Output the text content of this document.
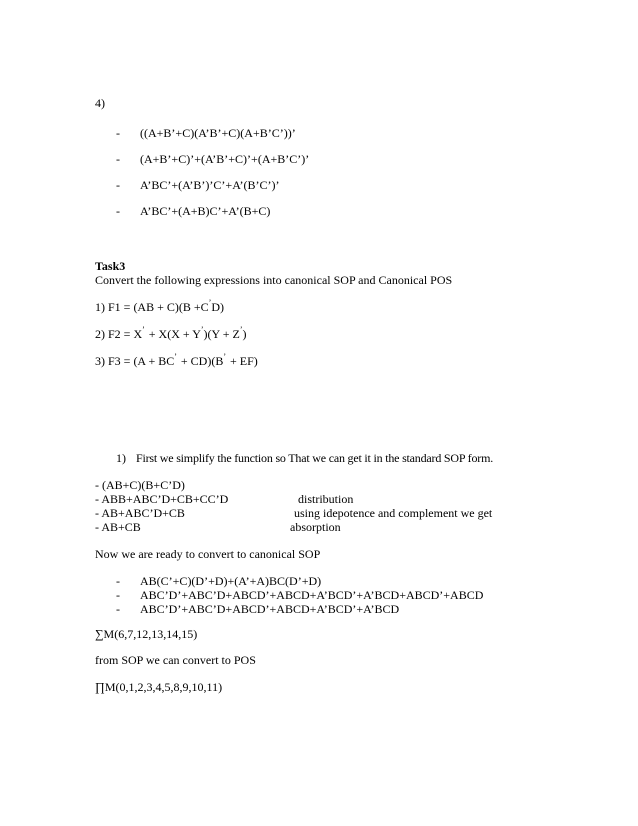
4)
- ((A+B’+C)(A’B’+C)(A+B’C’))’
- (A+B’+C)’+(A’B’+C)’+(A+B’C’)’
- A’BC’+(A’B’)’C’+A’(B’C’)’
- A’BC’+(A+B)C’+A’(B+C)
Task3
Convert the following expressions into canonical SOP and Canonical POS
1) F1 = (AB + C)(B +C’D)
2) F2 = X’ + X(X + Y’)(Y + Z’)
3) F3 = (A + BC’ + CD)(B’ + EF)
1) First we simplify the function so That we can get it in the standard SOP form.
- (AB+C)(B+C’D)
- ABB+ABC’D+CB+CC’D	distribution
- AB+ABC’D+CB	using idepotence and complement we get
- AB+CB	absorption
Now we are ready to convert to canonical SOP
- AB(C’+C)(D’+D)+(A’+A)BC(D’+D)
- ABC’D’+ABC’D+ABCD’+ABCD+A’BCD’+A’BCD+ABCD’+ABCD
- ABC’D’+ABC’D+ABCD’+ABCD+A’BCD’+A’BCD
∑M(6,7,12,13,14,15)
from SOP we can convert to POS
∏M(0,1,2,3,4,5,8,9,10,11)
